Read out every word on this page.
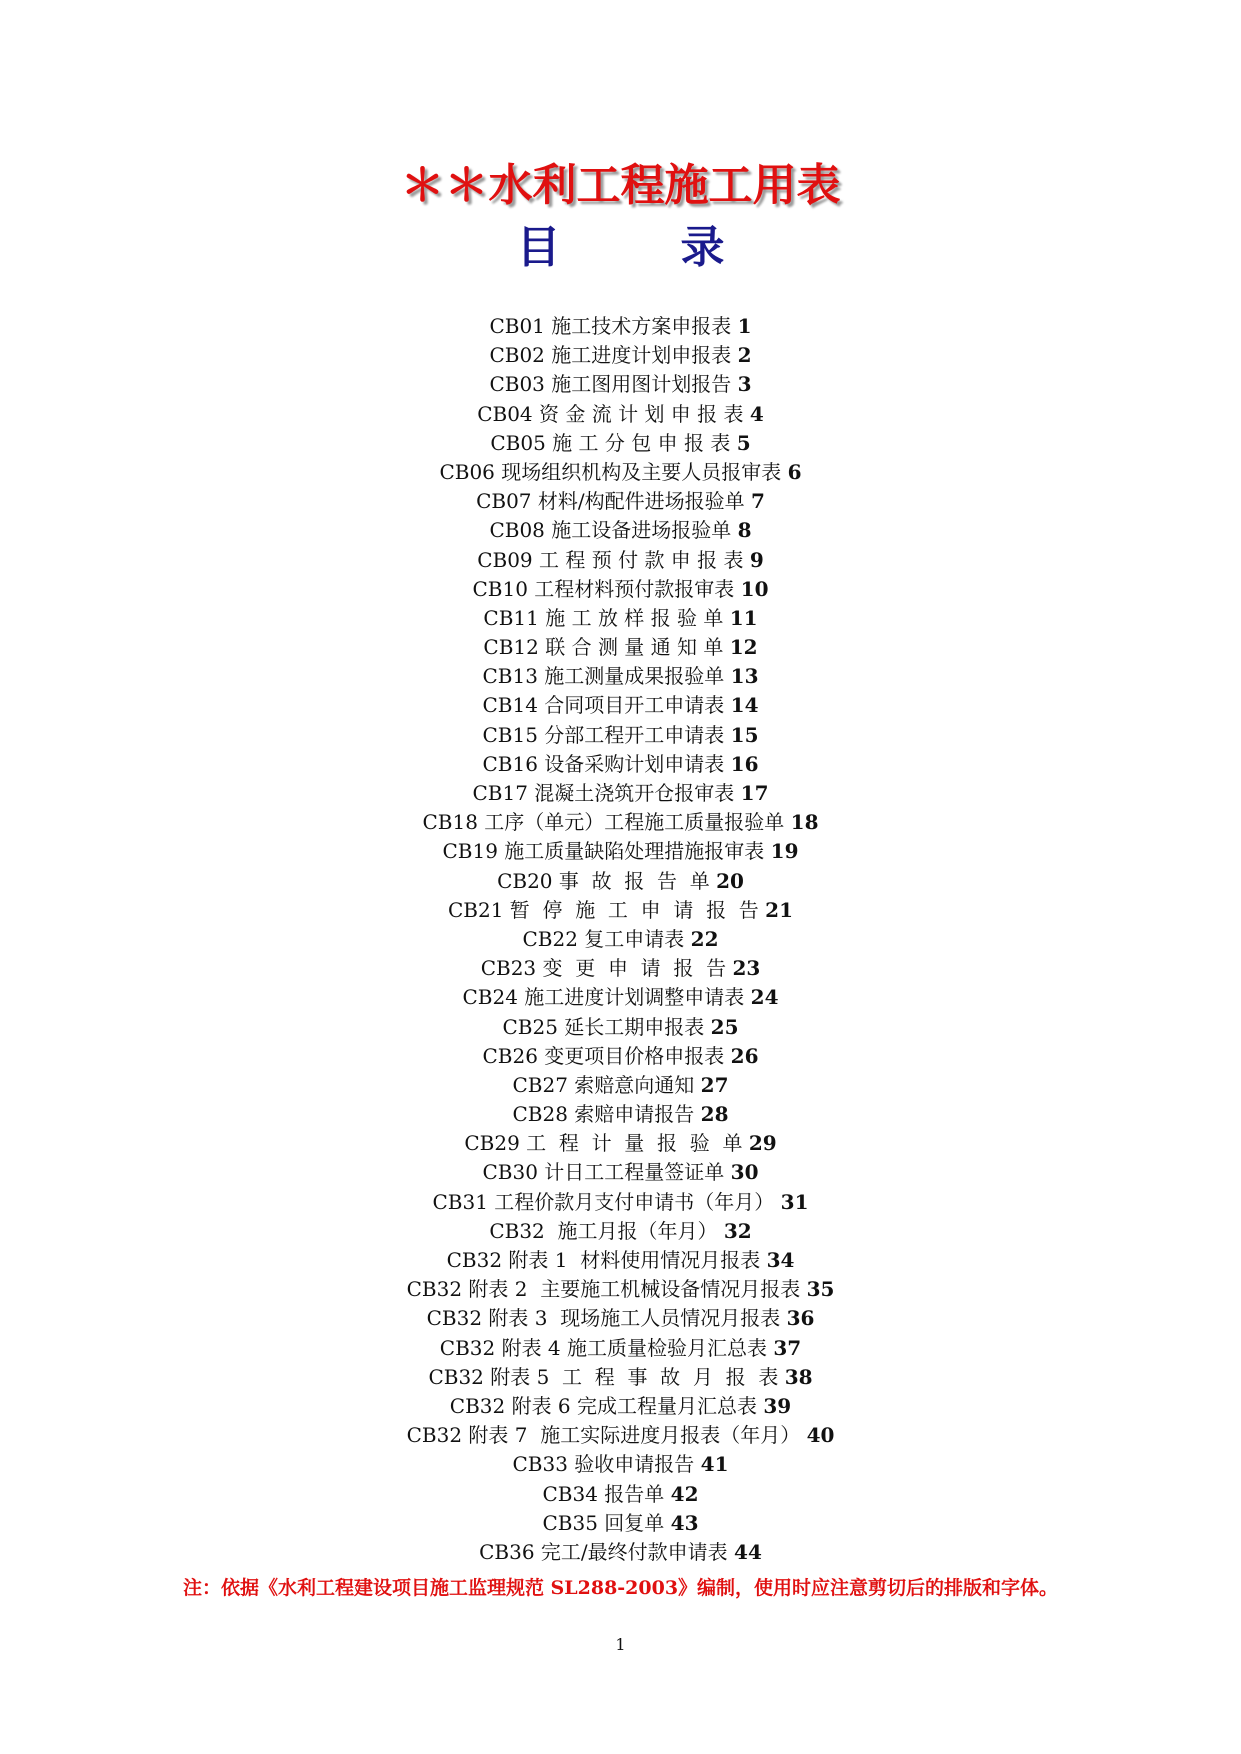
＊＊水利工程施工用表
目录
CB01 施工技术方案申报表 1
CB02 施工进度计划申报表 2
CB03 施工图用图计划报告 3
CB04 资 金 流 计 划 申 报 表 4
CB05 施 工 分 包 申 报 表 5
CB06 现场组织机构及主要人员报审表 6
CB07 材料/构配件进场报验单 7
CB08 施工设备进场报验单 8
CB09 工 程 预 付 款 申 报 表 9
CB10 工程材料预付款报审表 10
CB11 施 工 放 样 报 验 单 11
CB12 联 合 测 量 通 知 单 12
CB13 施工测量成果报验单 13
CB14 合同项目开工申请表 14
CB15 分部工程开工申请表 15
CB16 设备采购计划申请表 16
CB17 混凝土浇筑开仓报审表 17
CB18 工序（单元）工程施工质量报验单 18
CB19 施工质量缺陷处理措施报审表 19
CB20 事  故  报  告  单 20
CB21 暂  停  施  工  申  请  报  告 21
CB22 复工申请表 22
CB23 变  更  申  请  报  告 23
CB24 施工进度计划调整申请表 24
CB25 延长工期申报表 25
CB26 变更项目价格申报表 26
CB27 索赔意向通知 27
CB28 索赔申请报告 28
CB29 工  程  计  量  报  验  单 29
CB30 计日工工程量签证单 30
CB31 工程价款月支付申请书（年月） 31
CB32  施工月报（年月） 32
CB32 附表 1  材料使用情况月报表 34
CB32 附表 2  主要施工机械设备情况月报表 35
CB32 附表 3  现场施工人员情况月报表 36
CB32 附表 4 施工质量检验月汇总表 37
CB32 附表 5  工  程  事  故  月  报  表 38
CB32 附表 6 完成工程量月汇总表 39
CB32 附表 7  施工实际进度月报表（年月） 40
CB33 验收申请报告 41
CB34 报告单 42
CB35 回复单 43
CB36 完工/最终付款申请表 44
注：依据《水利工程建设项目施工监理规范 SL288-2003》编制，使用时应注意剪切后的排版和字体。
1
